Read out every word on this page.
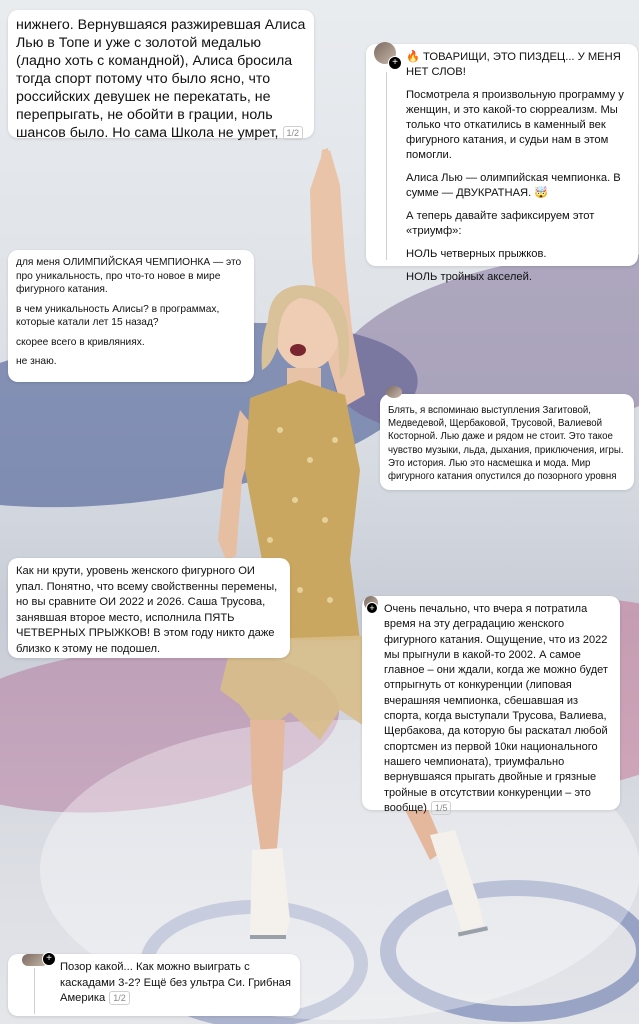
нижнего. Вернувшаяся разжиревшая Алиса Лью в Топе и уже с золотой медалью (ладно хоть с командной), Алиса бросила тогда спорт потому что было ясно, что российских девушек не перекатать, не перепрыгать, не обойти в грации, ноль шансов было. Но сама Школа не умрет, 1/2
+ 🔥 ТОВАРИЩИ, ЭТО ПИЗДЕЦ... У МЕНЯ НЕТ СЛОВ!

Посмотрела я произвольную программу у женщин, и это какой-то сюрреализм. Мы только что откатились в каменный век фигурного катания, и судьи нам в этом помогли.

Алиса Лью — олимпийская чемпионка. В сумме — ДВУКРАТНАЯ. 🤯

А теперь давайте зафиксируем этот «триумф»:

НОЛЬ четверных прыжков.

НОЛЬ тройных акселей.

для меня ОЛИМПИЙСКАЯ ЧЕМПИОНКА — это про уникальность, про что-то новое в мире фигурного катания.

в чем уникальность Алисы? в программах, которые катали лет 15 назад?

скорее всего в кривляниях.

не знаю.

Блять, я вспоминаю выступления Загитовой, Медведевой, Щербаковой, Трусовой, Валиевой Косторной. Лью даже и рядом не стоит. Это такое чувство музыки, льда, дыхания, приключения, игры. Это история. Лью это насмешка и мода. Мир фигурного катания опустился до позорного уровня
Как ни крути, уровень женского фигурного ОИ упал. Понятно, что всему свойственны перемены, но вы сравните ОИ 2022 и 2026. Саша Трусова, занявшая второе место, исполнила ПЯТЬ ЧЕТВЕРНЫХ ПРЫЖКОВ! В этом году никто даже близко к этому не подошел.
+ Очень печально, что вчера я потратила время на эту деградацию женского фигурного катания. Ощущение, что из 2022 мы прыгнули в какой-то 2002. А самое главное – они ждали, когда же можно будет отпрыгнуть от конкуренции (липовая вчерашняя чемпионка, сбешавшая из спорта, когда выступали Трусова, Валиева, Щербакова, да которую бы раскатал любой спортсмен из первой 10ки национального нашего чемпионата), триумфально вернувшаяся прыгать двойные и грязные тройные в отсутствии конкуренции – это вообще) 1/5
+
Позор какой... Как можно выиграть с каскадами 3-2? Ещё без ультра Си. Грибная Америка 1/2
